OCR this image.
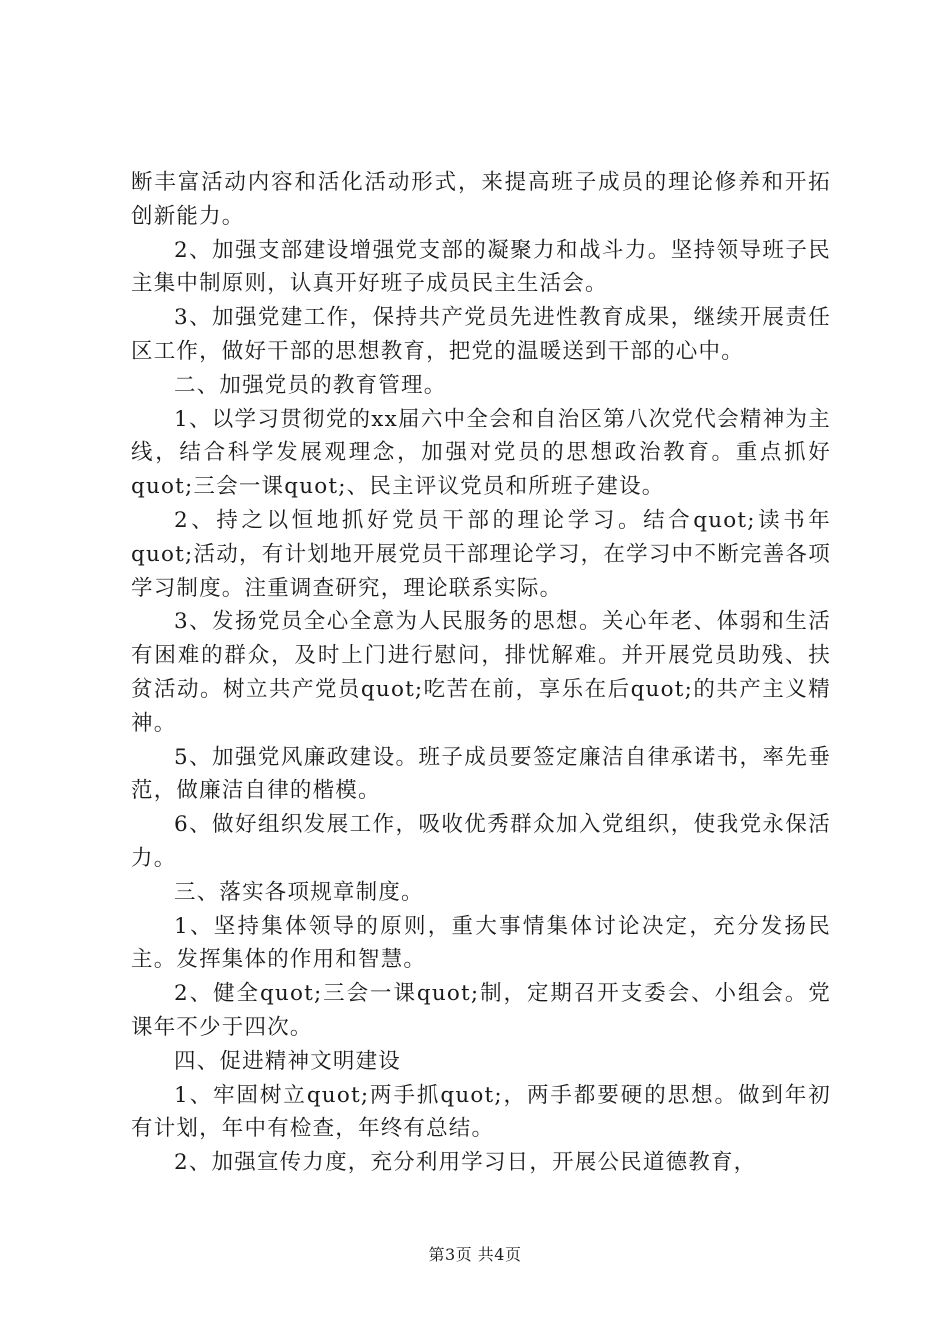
断丰富活动内容和活化活动形式，来提高班子成员的理论修养和开拓创新能力。

2、加强支部建设增强党支部的凝聚力和战斗力。坚持领导班子民主集中制原则，认真开好班子成员民主生活会。

3、加强党建工作，保持共产党员先进性教育成果，继续开展责任区工作，做好干部的思想教育，把党的温暖送到干部的心中。

二、加强党员的教育管理。

1、以学习贯彻党的xx届六中全会和自治区第八次党代会精神为主线，结合科学发展观理念，加强对党员的思想政治教育。重点抓好quot;三会一课quot;、民主评议党员和所班子建设。

2、持之以恒地抓好党员干部的理论学习。结合quot;读书年quot;活动，有计划地开展党员干部理论学习，在学习中不断完善各项学习制度。注重调查研究，理论联系实际。

3、发扬党员全心全意为人民服务的思想。关心年老、体弱和生活有困难的群众，及时上门进行慰问，排忧解难。并开展党员助残、扶贫活动。树立共产党员quot;吃苦在前，享乐在后quot;的共产主义精神。

5、加强党风廉政建设。班子成员要签定廉洁自律承诺书，率先垂范，做廉洁自律的楷模。

6、做好组织发展工作，吸收优秀群众加入党组织，使我党永保活力。

三、落实各项规章制度。

1、坚持集体领导的原则，重大事情集体讨论决定，充分发扬民主。发挥集体的作用和智慧。

2、健全quot;三会一课quot;制，定期召开支委会、小组会。党课年不少于四次。

四、促进精神文明建设

1、牢固树立quot;两手抓quot;，两手都要硬的思想。做到年初有计划，年中有检查，年终有总结。

2、加强宣传力度，充分利用学习日，开展公民道德教育，

第3页 共4页
